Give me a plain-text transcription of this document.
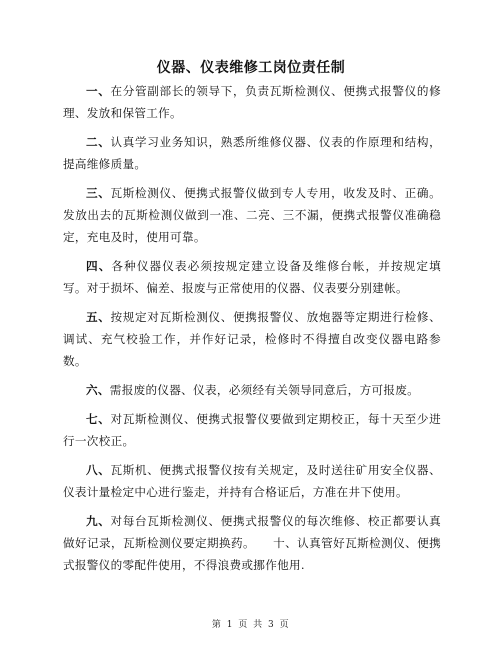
仪器、仪表维修工岗位责任制

一、在分管副部长的领导下，负责瓦斯检测仪、便携式报警仪的修理、发放和保管工作。

二、认真学习业务知识，熟悉所维修仪器、仪表的作原理和结构，提高维修质量。

三、瓦斯检测仪、便携式报警仪做到专人专用，收发及时、正确。发放出去的瓦斯检测仪做到一准、二亮、三不漏，便携式报警仪准确稳定，充电及时，使用可靠。

四、各种仪器仪表必须按规定建立设备及维修台帐，并按规定填写。对于损坏、偏差、报废与正常使用的仪器、仪表要分别建帐。

五、按规定对瓦斯检测仪、便携报警仪、放炮器等定期进行检修、调试、充气校验工作，并作好记录，检修时不得擅自改变仪器电路参数。

六、需报废的仪器、仪表，必须经有关领导同意后，方可报废。

七、对瓦斯检测仪、便携式报警仪要做到定期校正，每十天至少进行一次校正。

八、瓦斯机、便携式报警仪按有关规定，及时送往矿用安全仪器、仪表计量检定中心进行鉴走，并持有合格证后，方准在井下使用。

九、对每台瓦斯检测仪、便携式报警仪的每次维修、校正都要认真做好记录，瓦斯检测仪要定期换药。　　十、认真管好瓦斯检测仪、便携式报警仪的零配件使用，不得浪费或挪作他用.

第 1 页 共 3 页
